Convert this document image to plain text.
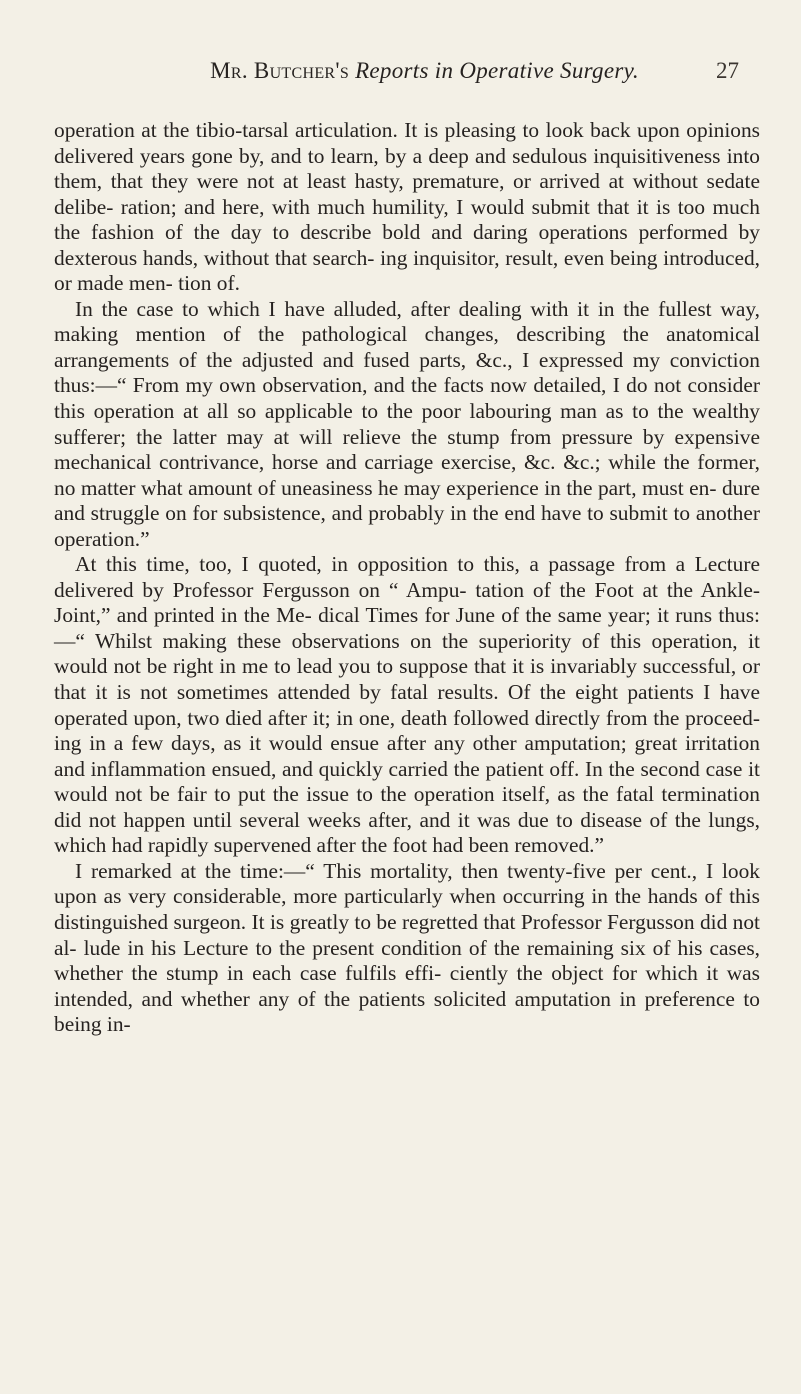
Mr. Butcher's Reports in Operative Surgery.	27

operation at the tibio-tarsal articulation. It is pleasing to look back upon opinions delivered years gone by, and to learn, by a deep and sedulous inquisitiveness into them, that they were not at least hasty, premature, or arrived at without sedate delibe- ration; and here, with much humility, I would submit that it is too much the fashion of the day to describe bold and daring operations performed by dexterous hands, without that search- ing inquisitor, result, even being introduced, or made men- tion of.

In the case to which I have alluded, after dealing with it in the fullest way, making mention of the pathological changes, describing the anatomical arrangements of the adjusted and fused parts, &c., I expressed my conviction thus:—“ From my own observation, and the facts now detailed, I do not consider this operation at all so applicable to the poor labouring man as to the wealthy sufferer; the latter may at will relieve the stump from pressure by expensive mechanical contrivance, horse and carriage exercise, &c. &c.; while the former, no matter what amount of uneasiness he may experience in the part, must en- dure and struggle on for subsistence, and probably in the end have to submit to another operation.”

At this time, too, I quoted, in opposition to this, a passage from a Lecture delivered by Professor Fergusson on “ Ampu- tation of the Foot at the Ankle-Joint,” and printed in the Me- dical Times for June of the same year; it runs thus:—“ Whilst making these observations on the superiority of this operation, it would not be right in me to lead you to suppose that it is invariably successful, or that it is not sometimes attended by fatal results. Of the eight patients I have operated upon, two died after it; in one, death followed directly from the proceed- ing in a few days, as it would ensue after any other amputation; great irritation and inflammation ensued, and quickly carried the patient off. In the second case it would not be fair to put the issue to the operation itself, as the fatal termination did not happen until several weeks after, and it was due to disease of the lungs, which had rapidly supervened after the foot had been removed.”

I remarked at the time:—“ This mortality, then twenty-five per cent., I look upon as very considerable, more particularly when occurring in the hands of this distinguished surgeon. It is greatly to be regretted that Professor Fergusson did not al- lude in his Lecture to the present condition of the remaining six of his cases, whether the stump in each case fulfils effi- ciently the object for which it was intended, and whether any of the patients solicited amputation in preference to being in-
